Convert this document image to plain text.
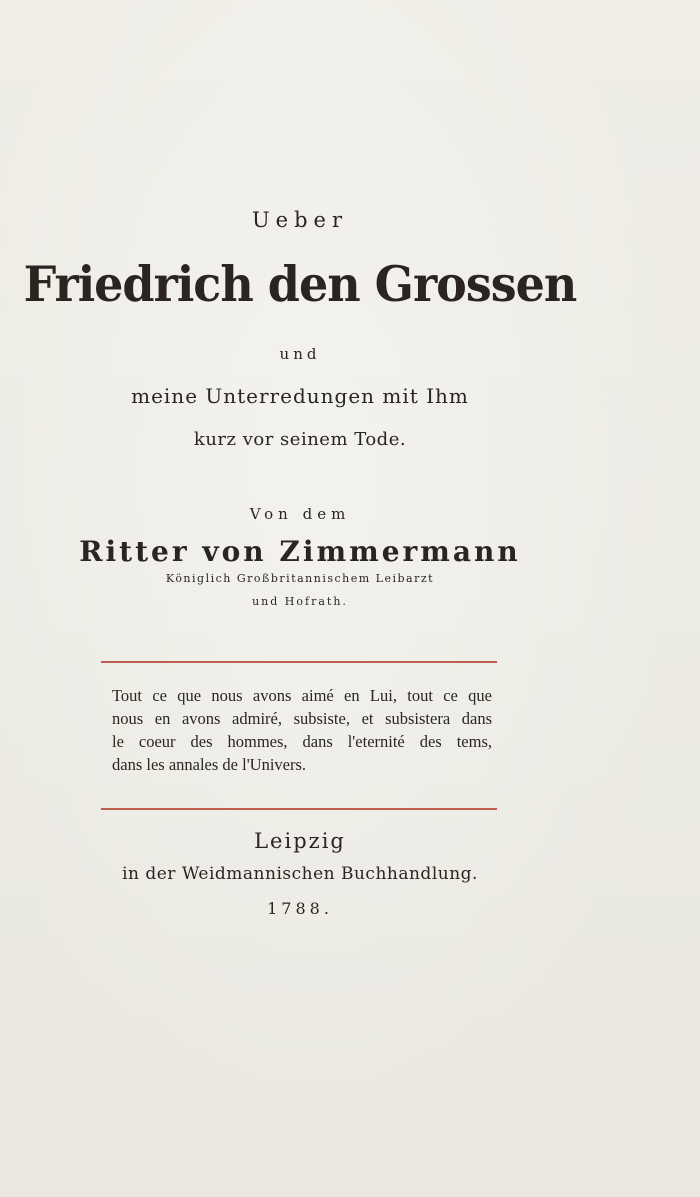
Ueber
Friedrich den Grossen
und
meine Unterredungen mit Ihm
kurz vor seinem Tode.
Von dem
Ritter von Zimmermann
Königlich Großbritannischem Leibarzt
und Hofrath.
Tout ce que nous avons aimé en Lui, tout ce que
nous en avons admiré, subsiste, et subsistera dans
le coeur des hommes, dans l'eternité des tems,
dans les annales de l'Univers.
Leipzig
in der Weidmannischen Buchhandlung.
1788.
